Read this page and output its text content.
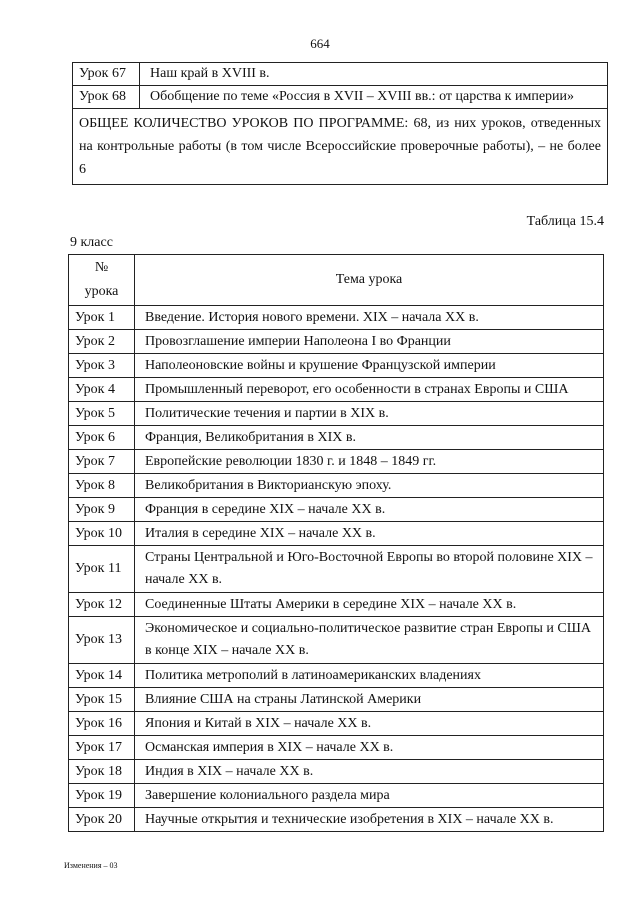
664
Урок 67	Наш край в XVIII в.
Урок 68	Обобщение по теме «Россия в XVII – XVIII вв.: от царства к империи»
ОБЩЕЕ КОЛИЧЕСТВО УРОКОВ ПО ПРОГРАММЕ: 68, из них уроков, отведенных на контрольные работы (в том числе Всероссийские проверочные работы), – не более 6	
Таблица 15.4
9 класс
№
урока	Тема урока
Урок 1	Введение. История нового времени. XIX – начала XX в.
Урок 2	Провозглашение империи Наполеона I во Франции
Урок 3	Наполеоновские войны и крушение Французской империи
Урок 4	Промышленный переворот, его особенности в странах Европы и США
Урок 5	Политические течения и партии в XIX в.
Урок 6	Франция, Великобритания в XIX в.
Урок 7	Европейские революции 1830 г. и 1848 – 1849 гг.
Урок 8	Великобритания в Викторианскую эпоху.
Урок 9	Франция в середине XIX – начале XX в.
Урок 10	Италия в середине XIX – начале XX в.
Урок 11	Страны Центральной и Юго-Восточной Европы во второй половине XIX – начале XX в.
Урок 12	Соединенные Штаты Америки в середине XIX – начале XX в.
Урок 13	Экономическое и социально-политическое развитие стран Европы и США в конце XIX – начале XX в.
Урок 14	Политика метрополий в латиноамериканских владениях
Урок 15	Влияние США на страны Латинской Америки
Урок 16	Япония и Китай в XIX – начале XX в.
Урок 17	Османская империя в XIX – начале XX в.
Урок 18	Индия в XIX – начале XX в.
Урок 19	Завершение колониального раздела мира
Урок 20	Научные открытия и технические изобретения в XIX – начале XX в.
Изменения – 03
